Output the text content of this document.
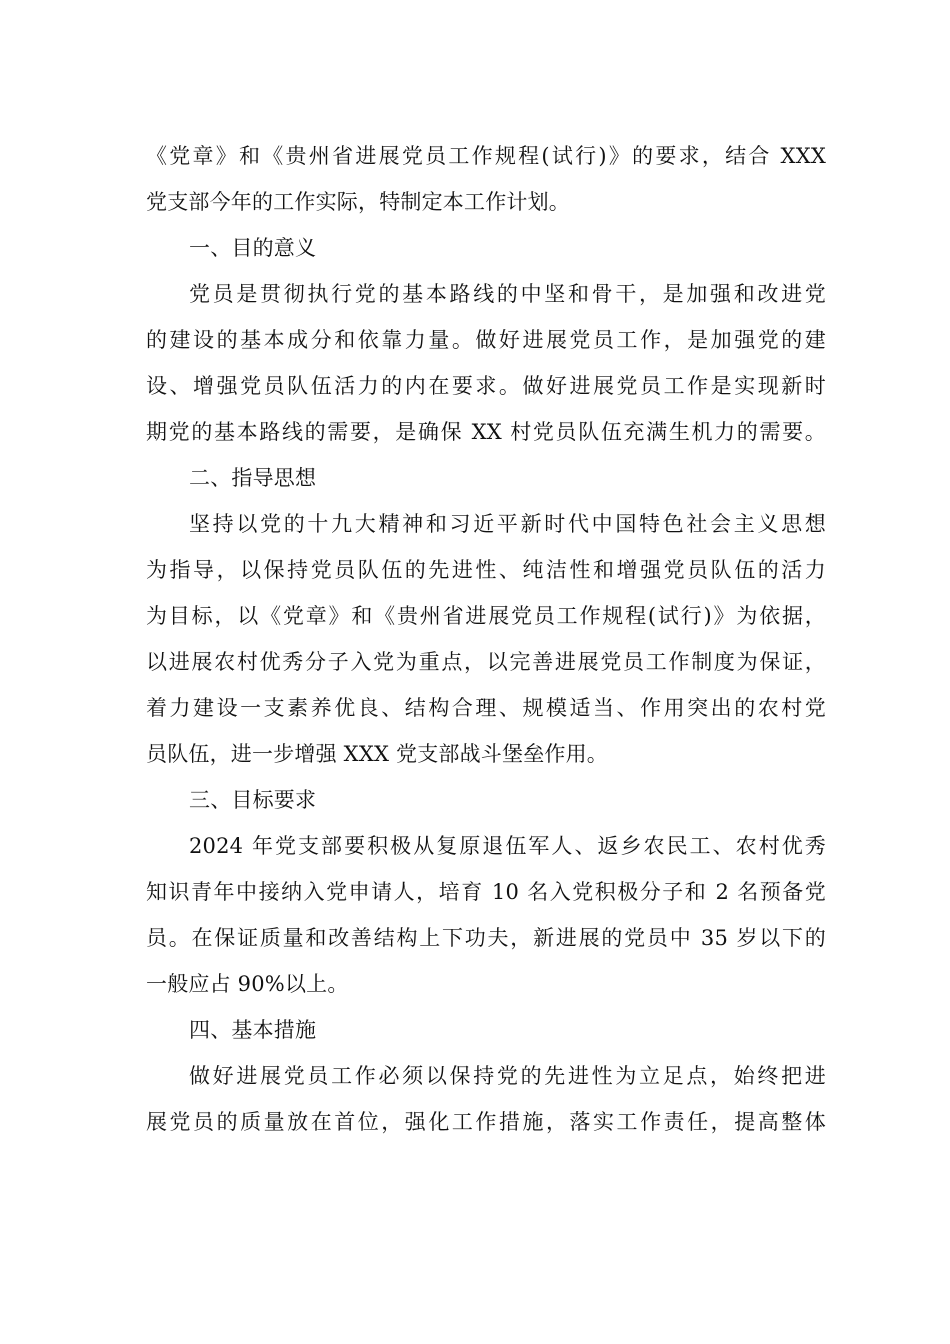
《党章》和《贵州省进展党员工作规程(试行)》的要求，结合 XXX
党支部今年的工作实际，特制定本工作计划。
一、目的意义
党员是贯彻执行党的基本路线的中坚和骨干，是加强和改进党
的建设的基本成分和依靠力量。做好进展党员工作，是加强党的建
设、增强党员队伍活力的内在要求。做好进展党员工作是实现新时
期党的基本路线的需要，是确保 XX 村党员队伍充满生机力的需要。
二、指导思想
坚持以党的十九大精神和习近平新时代中国特色社会主义思想
为指导，以保持党员队伍的先进性、纯洁性和增强党员队伍的活力
为目标，以《党章》和《贵州省进展党员工作规程(试行)》为依据，
以进展农村优秀分子入党为重点，以完善进展党员工作制度为保证，
着力建设一支素养优良、结构合理、规模适当、作用突出的农村党
员队伍，进一步增强 XXX 党支部战斗堡垒作用。
三、目标要求
2024 年党支部要积极从复原退伍军人、返乡农民工、农村优秀
知识青年中接纳入党申请人，培育 10 名入党积极分子和 2 名预备党
员。在保证质量和改善结构上下功夫，新进展的党员中 35 岁以下的
一般应占 90%以上。
四、基本措施
做好进展党员工作必须以保持党的先进性为立足点，始终把进
展党员的质量放在首位，强化工作措施，落实工作责任，提高整体
